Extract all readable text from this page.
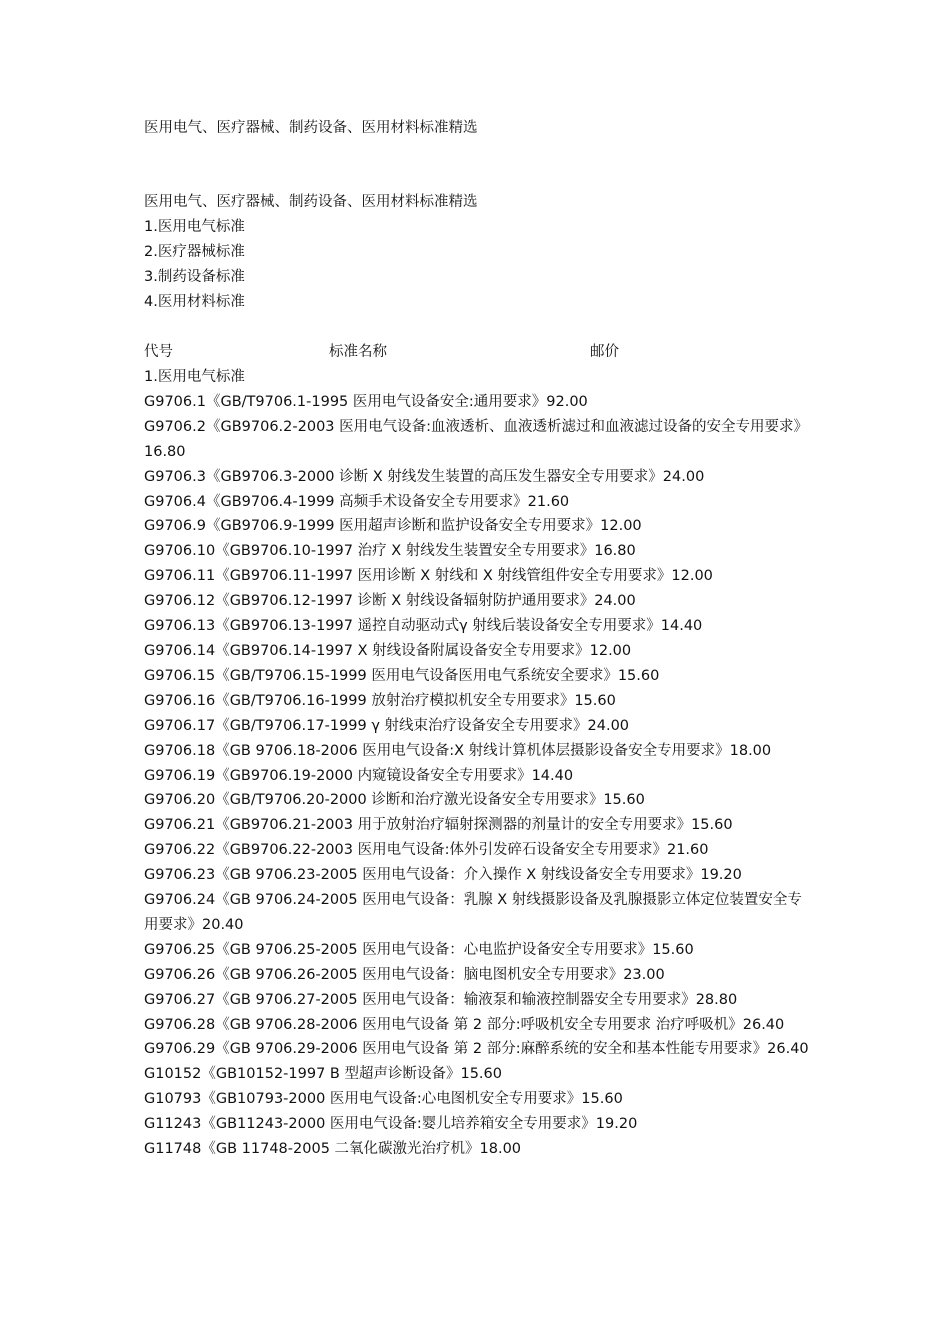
医用电气、医疗器械、制药设备、医用材料标准精选
医用电气、医疗器械、制药设备、医用材料标准精选
1.医用电气标准
2.医疗器械标准
3.制药设备标准
4.医用材料标准
代号	标准名称	邮价
1.医用电气标准
G9706.1《GB/T9706.1-1995 医用电气设备安全:通用要求》92.00
G9706.2《GB9706.2-2003 医用电气设备:血液透析、血液透析滤过和血液滤过设备的安全专用要求》16.80
G9706.3《GB9706.3-2000 诊断 X 射线发生装置的高压发生器安全专用要求》24.00
G9706.4《GB9706.4-1999 高频手术设备安全专用要求》21.60
G9706.9《GB9706.9-1999 医用超声诊断和监护设备安全专用要求》12.00
G9706.10《GB9706.10-1997 治疗 X 射线发生装置安全专用要求》16.80
G9706.11《GB9706.11-1997 医用诊断 X 射线和 X 射线管组件安全专用要求》12.00
G9706.12《GB9706.12-1997 诊断 X 射线设备辐射防护通用要求》24.00
G9706.13《GB9706.13-1997 遥控自动驱动式γ 射线后装设备安全专用要求》14.40
G9706.14《GB9706.14-1997 X 射线设备附属设备安全专用要求》12.00
G9706.15《GB/T9706.15-1999 医用电气设备医用电气系统安全要求》15.60
G9706.16《GB/T9706.16-1999 放射治疗模拟机安全专用要求》15.60
G9706.17《GB/T9706.17-1999 γ 射线束治疗设备安全专用要求》24.00
G9706.18《GB 9706.18-2006 医用电气设备:X 射线计算机体层摄影设备安全专用要求》18.00
G9706.19《GB9706.19-2000 内窥镜设备安全专用要求》14.40
G9706.20《GB/T9706.20-2000 诊断和治疗激光设备安全专用要求》15.60
G9706.21《GB9706.21-2003 用于放射治疗辐射探测器的剂量计的安全专用要求》15.60
G9706.22《GB9706.22-2003 医用电气设备:体外引发碎石设备安全专用要求》21.60
G9706.23《GB 9706.23-2005 医用电气设备：介入操作 X 射线设备安全专用要求》19.20
G9706.24《GB 9706.24-2005 医用电气设备：乳腺 X 射线摄影设备及乳腺摄影立体定位装置安全专用要求》20.40
G9706.25《GB 9706.25-2005 医用电气设备：心电监护设备安全专用要求》15.60
G9706.26《GB 9706.26-2005 医用电气设备：脑电图机安全专用要求》23.00
G9706.27《GB 9706.27-2005 医用电气设备：输液泵和输液控制器安全专用要求》28.80
G9706.28《GB 9706.28-2006 医用电气设备 第 2 部分:呼吸机安全专用要求 治疗呼吸机》26.40
G9706.29《GB 9706.29-2006 医用电气设备 第 2 部分:麻醉系统的安全和基本性能专用要求》26.40
G10152《GB10152-1997 B 型超声诊断设备》15.60
G10793《GB10793-2000 医用电气设备:心电图机安全专用要求》15.60
G11243《GB11243-2000 医用电气设备:婴儿培养箱安全专用要求》19.20
G11748《GB 11748-2005 二氧化碳激光治疗机》18.00
